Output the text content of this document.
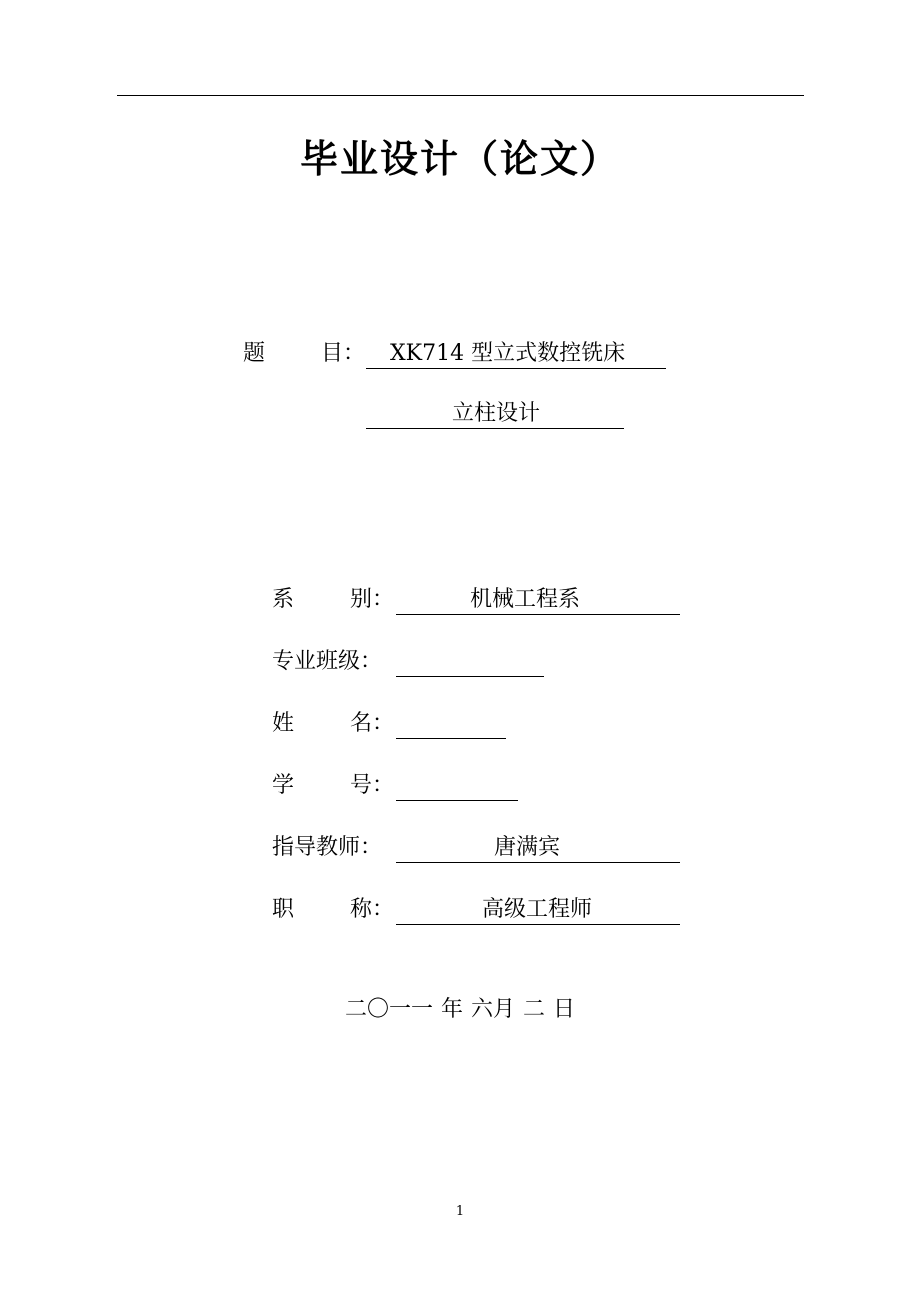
毕业设计（论文）
题	目 ： XK714 型立式数控铣床
立柱设计
系	别 ：	机械工程系
专业班级 ：
姓	名 ：
学	号 ：
指导教师 ：	唐满宾
职	称 ：	高级工程师
二〇一一 年 六月 二 日
1
